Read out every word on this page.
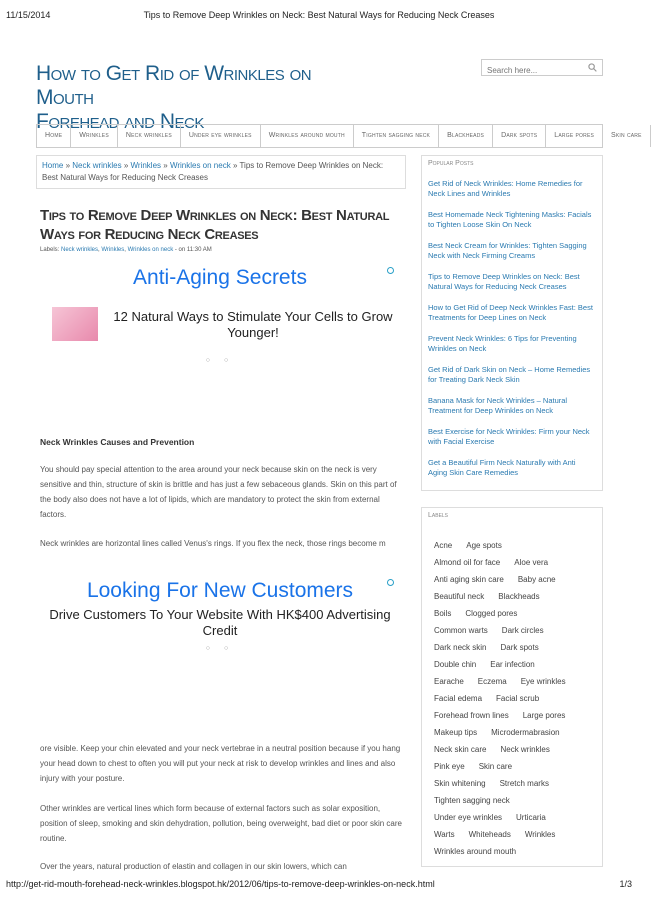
11/15/2014	Tips to Remove Deep Wrinkles on Neck: Best Natural Ways for Reducing Neck Creases
How to Get Rid of Wrinkles on Mouth
Forehead and Neck
Search here...
Home	Wrinkles	Neck wrinkles	Under eye wrinkles	Wrinkles around mouth	Tighten sagging neck	Blackheads	Dark spots	Large pores	Skin care
Home » Neck wrinkles » Wrinkles » Wrinkles on neck » Tips to Remove Deep Wrinkles on Neck: Best Natural Ways for Reducing Neck Creases
Tips to Remove Deep Wrinkles on Neck: Best Natural Ways for Reducing Neck Creases
Labels: Neck wrinkles, Wrinkles, Wrinkles on neck - on 11:30 AM
Anti-Aging Secrets
12 Natural Ways to Stimulate Your Cells to Grow Younger!
○ ○
Neck Wrinkles Causes and Prevention

You should pay special attention to the area around your neck because skin on the neck is very sensitive and thin, structure of skin is brittle and has just a few sebaceous glands. Skin on this part of the body also does not have a lot of lipids, which are mandatory to protect the skin from external factors.

Neck wrinkles are horizontal lines called Venus's rings. If you flex the neck, those rings become m

Looking For New Customers
Drive Customers To Your Website With HK$400 Advertising Credit
○ ○

ore visible. Keep your chin elevated and your neck vertebrae in a neutral position because if you hang your head down to chest to often you will put your neck at risk to develop wrinkles and lines and also injury with your posture.

Other wrinkles are vertical lines which form because of external factors such as solar exposition, position of sleep, smoking and skin dehydration, pollution, being overweight, bad diet or poor skin care routine.

Over the years, natural production of elastin and collagen in our skin lowers, which can

Popular Posts
Get Rid of Neck Wrinkles: Home Remedies for Neck Lines and Wrinkles
Best Homemade Neck Tightening Masks: Facials to Tighten Loose Skin On Neck
Best Neck Cream for Wrinkles: Tighten Sagging Neck with Neck Firming Creams
Tips to Remove Deep Wrinkles on Neck: Best Natural Ways for Reducing Neck Creases
How to Get Rid of Deep Neck Wrinkles Fast: Best Treatments for Deep Lines on Neck
Prevent Neck Wrinkles: 6 Tips for Preventing Wrinkles on Neck
Get Rid of Dark Skin on Neck – Home Remedies for Treating Dark Neck Skin
Banana Mask for Neck Wrinkles – Natural Treatment for Deep Wrinkles on Neck
Best Exercise for Neck Wrinkles: Firm your Neck with Facial Exercise
Get a Beautiful Firm Neck Naturally with Anti Aging Skin Care Remedies
Labels
Acne Age spots
Almond oil for face Aloe vera
Anti aging skin care Baby acne
Beautiful neck Blackheads
Boils Clogged pores
Common warts Dark circles
Dark neck skin Dark spots
Double chin Ear infection
Earache Eczema Eye wrinkles
Facial edema Facial scrub
Forehead frown lines Large pores
Makeup tips Microdermabrasion
Neck skin care Neck wrinkles
Pink eye Skin care
Skin whitening Stretch marks
Tighten sagging neck
Under eye wrinkles Urticaria
Warts Whiteheads Wrinkles
Wrinkles around mouth
http://get-rid-mouth-forehead-neck-wrinkles.blogspot.hk/2012/06/tips-to-remove-deep-wrinkles-on-neck.html	1/3
